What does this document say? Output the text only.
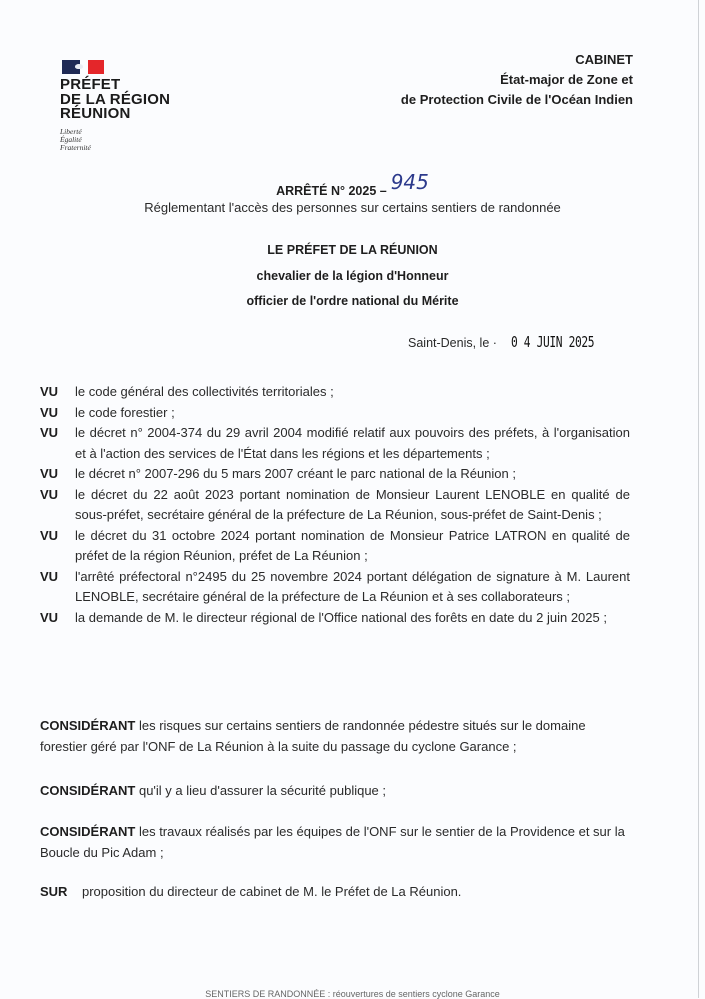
PRÉFET
DE LA RÉGION
RÉUNION
Liberté
Égalité
Fraternité
CABINET
État-major de Zone et
de Protection Civile de l'Océan Indien
ARRÊTÉ N° 2025 – 945
Réglementant l'accès des personnes sur certains sentiers de randonnée
LE PRÉFET DE LA RÉUNION
chevalier de la légion d'Honneur
officier de l'ordre national du Mérite
Saint-Denis, le · 0 4 JUIN 2025
VU	le code général des collectivités territoriales ;
VU	le code forestier ;
VU	le décret n° 2004-374 du 29 avril 2004 modifié relatif aux pouvoirs des préfets, à l'organisation et à l'action des services de l'État dans les régions et les départements ;
VU	le décret n° 2007-296 du 5 mars 2007 créant le parc national de la Réunion ;
VU	le décret du 22 août 2023 portant nomination de Monsieur Laurent LENOBLE en qualité de sous-préfet, secrétaire général de la préfecture de La Réunion, sous-préfet de Saint-Denis ;
VU	le décret du 31 octobre 2024 portant nomination de Monsieur Patrice LATRON en qualité de préfet de la région Réunion, préfet de La Réunion ;
VU	l'arrêté préfectoral n°2495 du 25 novembre 2024 portant délégation de signature à M. Laurent LENOBLE, secrétaire général de la préfecture de La Réunion et à ses collaborateurs ;
VU	la demande de M. le directeur régional de l'Office national des forêts en date du 2 juin 2025 ;
CONSIDÉRANT les risques sur certains sentiers de randonnée pédestre situés sur le domaine forestier géré par l'ONF de La Réunion à la suite du passage du cyclone Garance ;
CONSIDÉRANT qu'il y a lieu d'assurer la sécurité publique ;
CONSIDÉRANT les travaux réalisés par les équipes de l'ONF sur le sentier de la Providence et sur la Boucle du Pic Adam ;
SUR proposition du directeur de cabinet de M. le Préfet de La Réunion.
SENTIERS DE RANDONNÉE : réouvertures de sentiers cyclone Garance
